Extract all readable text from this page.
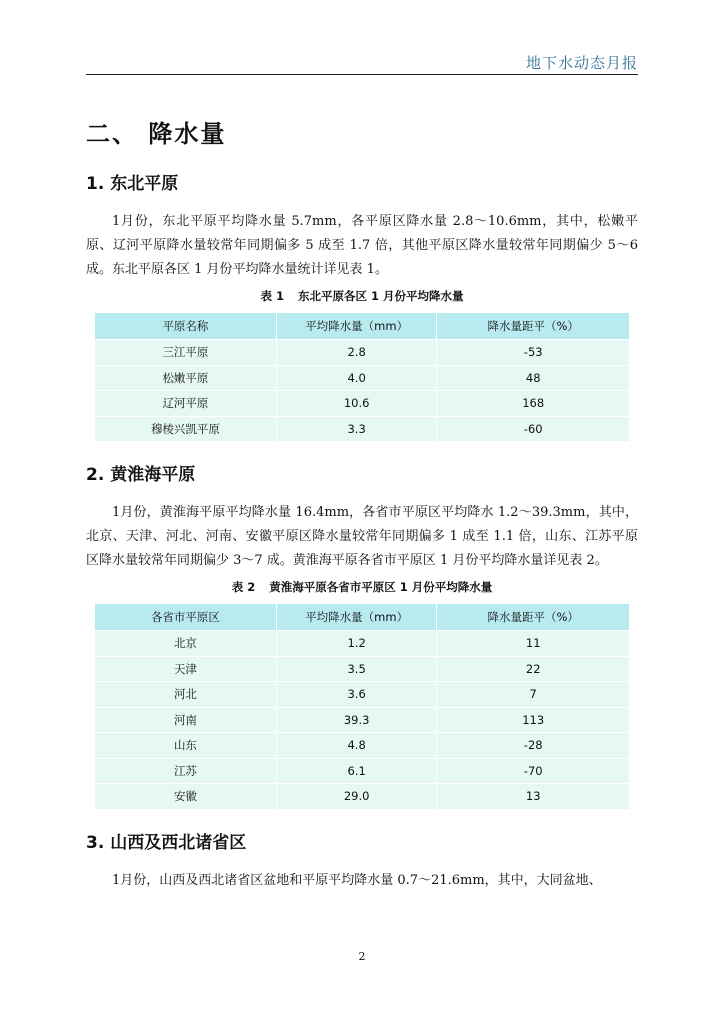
地下水动态月报
二、 降水量
1. 东北平原

1月份，东北平原平均降水量 5.7mm，各平原区降水量 2.8～10.6mm，其中，松嫩平原、辽河平原降水量较常年同期偏多 5 成至 1.7 倍，其他平原区降水量较常年同期偏少 5～6 成。东北平原各区 1 月份平均降水量统计详见表 1。

表 1 东北平原各区 1 月份平均降水量
平原名称	平均降水量（mm）	降水量距平（%）
三江平原	2.8	-53
松嫩平原	4.0	48
辽河平原	10.6	168
穆棱兴凯平原	3.3	-60
2. 黄淮海平原

1月份，黄淮海平原平均降水量 16.4mm，各省市平原区平均降水 1.2～39.3mm，其中，北京、天津、河北、河南、安徽平原区降水量较常年同期偏多 1 成至 1.1 倍，山东、江苏平原区降水量较常年同期偏少 3～7 成。黄淮海平原各省市平原区 1 月份平均降水量详见表 2。

表 2 黄淮海平原各省市平原区 1 月份平均降水量
各省市平原区	平均降水量（mm）	降水量距平（%）
北京	1.2	11
天津	3.5	22
河北	3.6	7
河南	39.3	113
山东	4.8	-28
江苏	6.1	-70
安徽	29.0	13
3. 山西及西北诸省区

1月份，山西及西北诸省区盆地和平原平均降水量 0.7～21.6mm，其中，大同盆地、

2
